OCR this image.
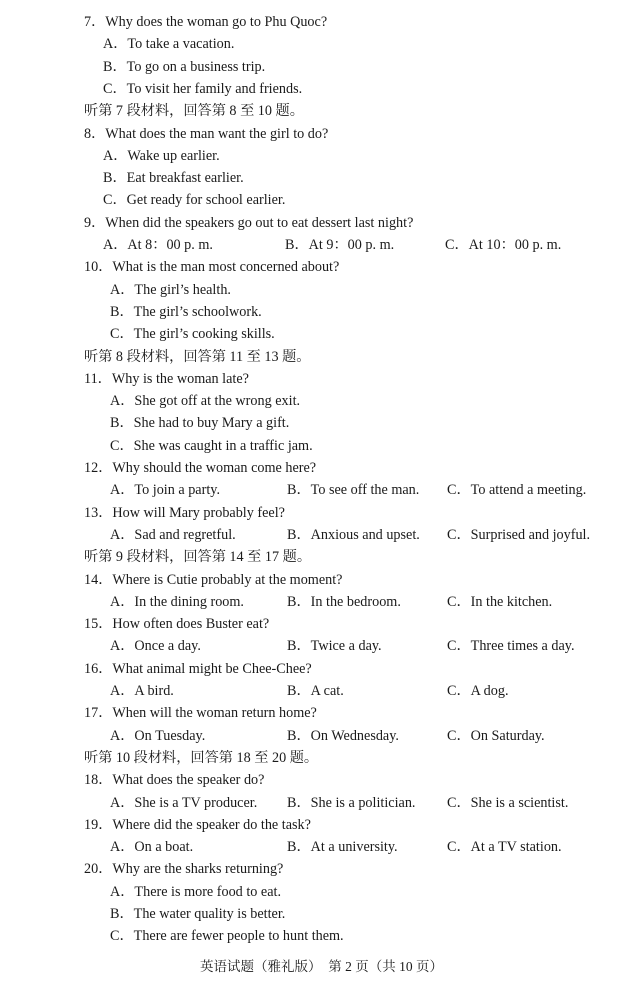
7．Why does the woman go to Phu Quoc?
A．To take a vacation.
B．To go on a business trip.
C．To visit her family and friends.
听第 7 段材料，回答第 8 至 10 题。
8．What does the man want the girl to do?
A．Wake up earlier.
B．Eat breakfast earlier.
C．Get ready for school earlier.
9．When did the speakers go out to eat dessert last night?
A．At 8：00 p. m.	B．At 9：00 p. m.	C．At 10：00 p. m.
10．What is the man most concerned about?
A．The girl’s health.
B．The girl’s schoolwork.
C．The girl’s cooking skills.
听第 8 段材料，回答第 11 至 13 题。
11．Why is the woman late?
A．She got off at the wrong exit.
B．She had to buy Mary a gift.
C．She was caught in a traffic jam.
12．Why should the woman come here?
A．To join a party.	B．To see off the man. C．To attend a meeting.
13．How will Mary probably feel?
A．Sad and regretful.	B．Anxious and upset. C．Surprised and joyful.
听第 9 段材料，回答第 14 至 17 题。
14．Where is Cutie probably at the moment?
A．In the dining room.	B．In the bedroom.	C．In the kitchen.
15．How often does Buster eat?
A．Once a day.	B．Twice a day.	C．Three times a day.
16．What animal might be Chee-Chee?
A．A bird.	B．A cat.	C．A dog.
17．When will the woman return home?
A．On Tuesday.	B．On Wednesday.	C．On Saturday.
听第 10 段材料，回答第 18 至 20 题。
18．What does the speaker do?
A．She is a TV producer. B．She is a politician. C．She is a scientist.
19．Where did the speaker do the task?
A．On a boat.	B．At a university.	C．At a TV station.
20．Why are the sharks returning?
A．There is more food to eat.
B．The water quality is better.
C．There are fewer people to hunt them.
英语试题（雅礼版）　第 2 页（共 10 页）
